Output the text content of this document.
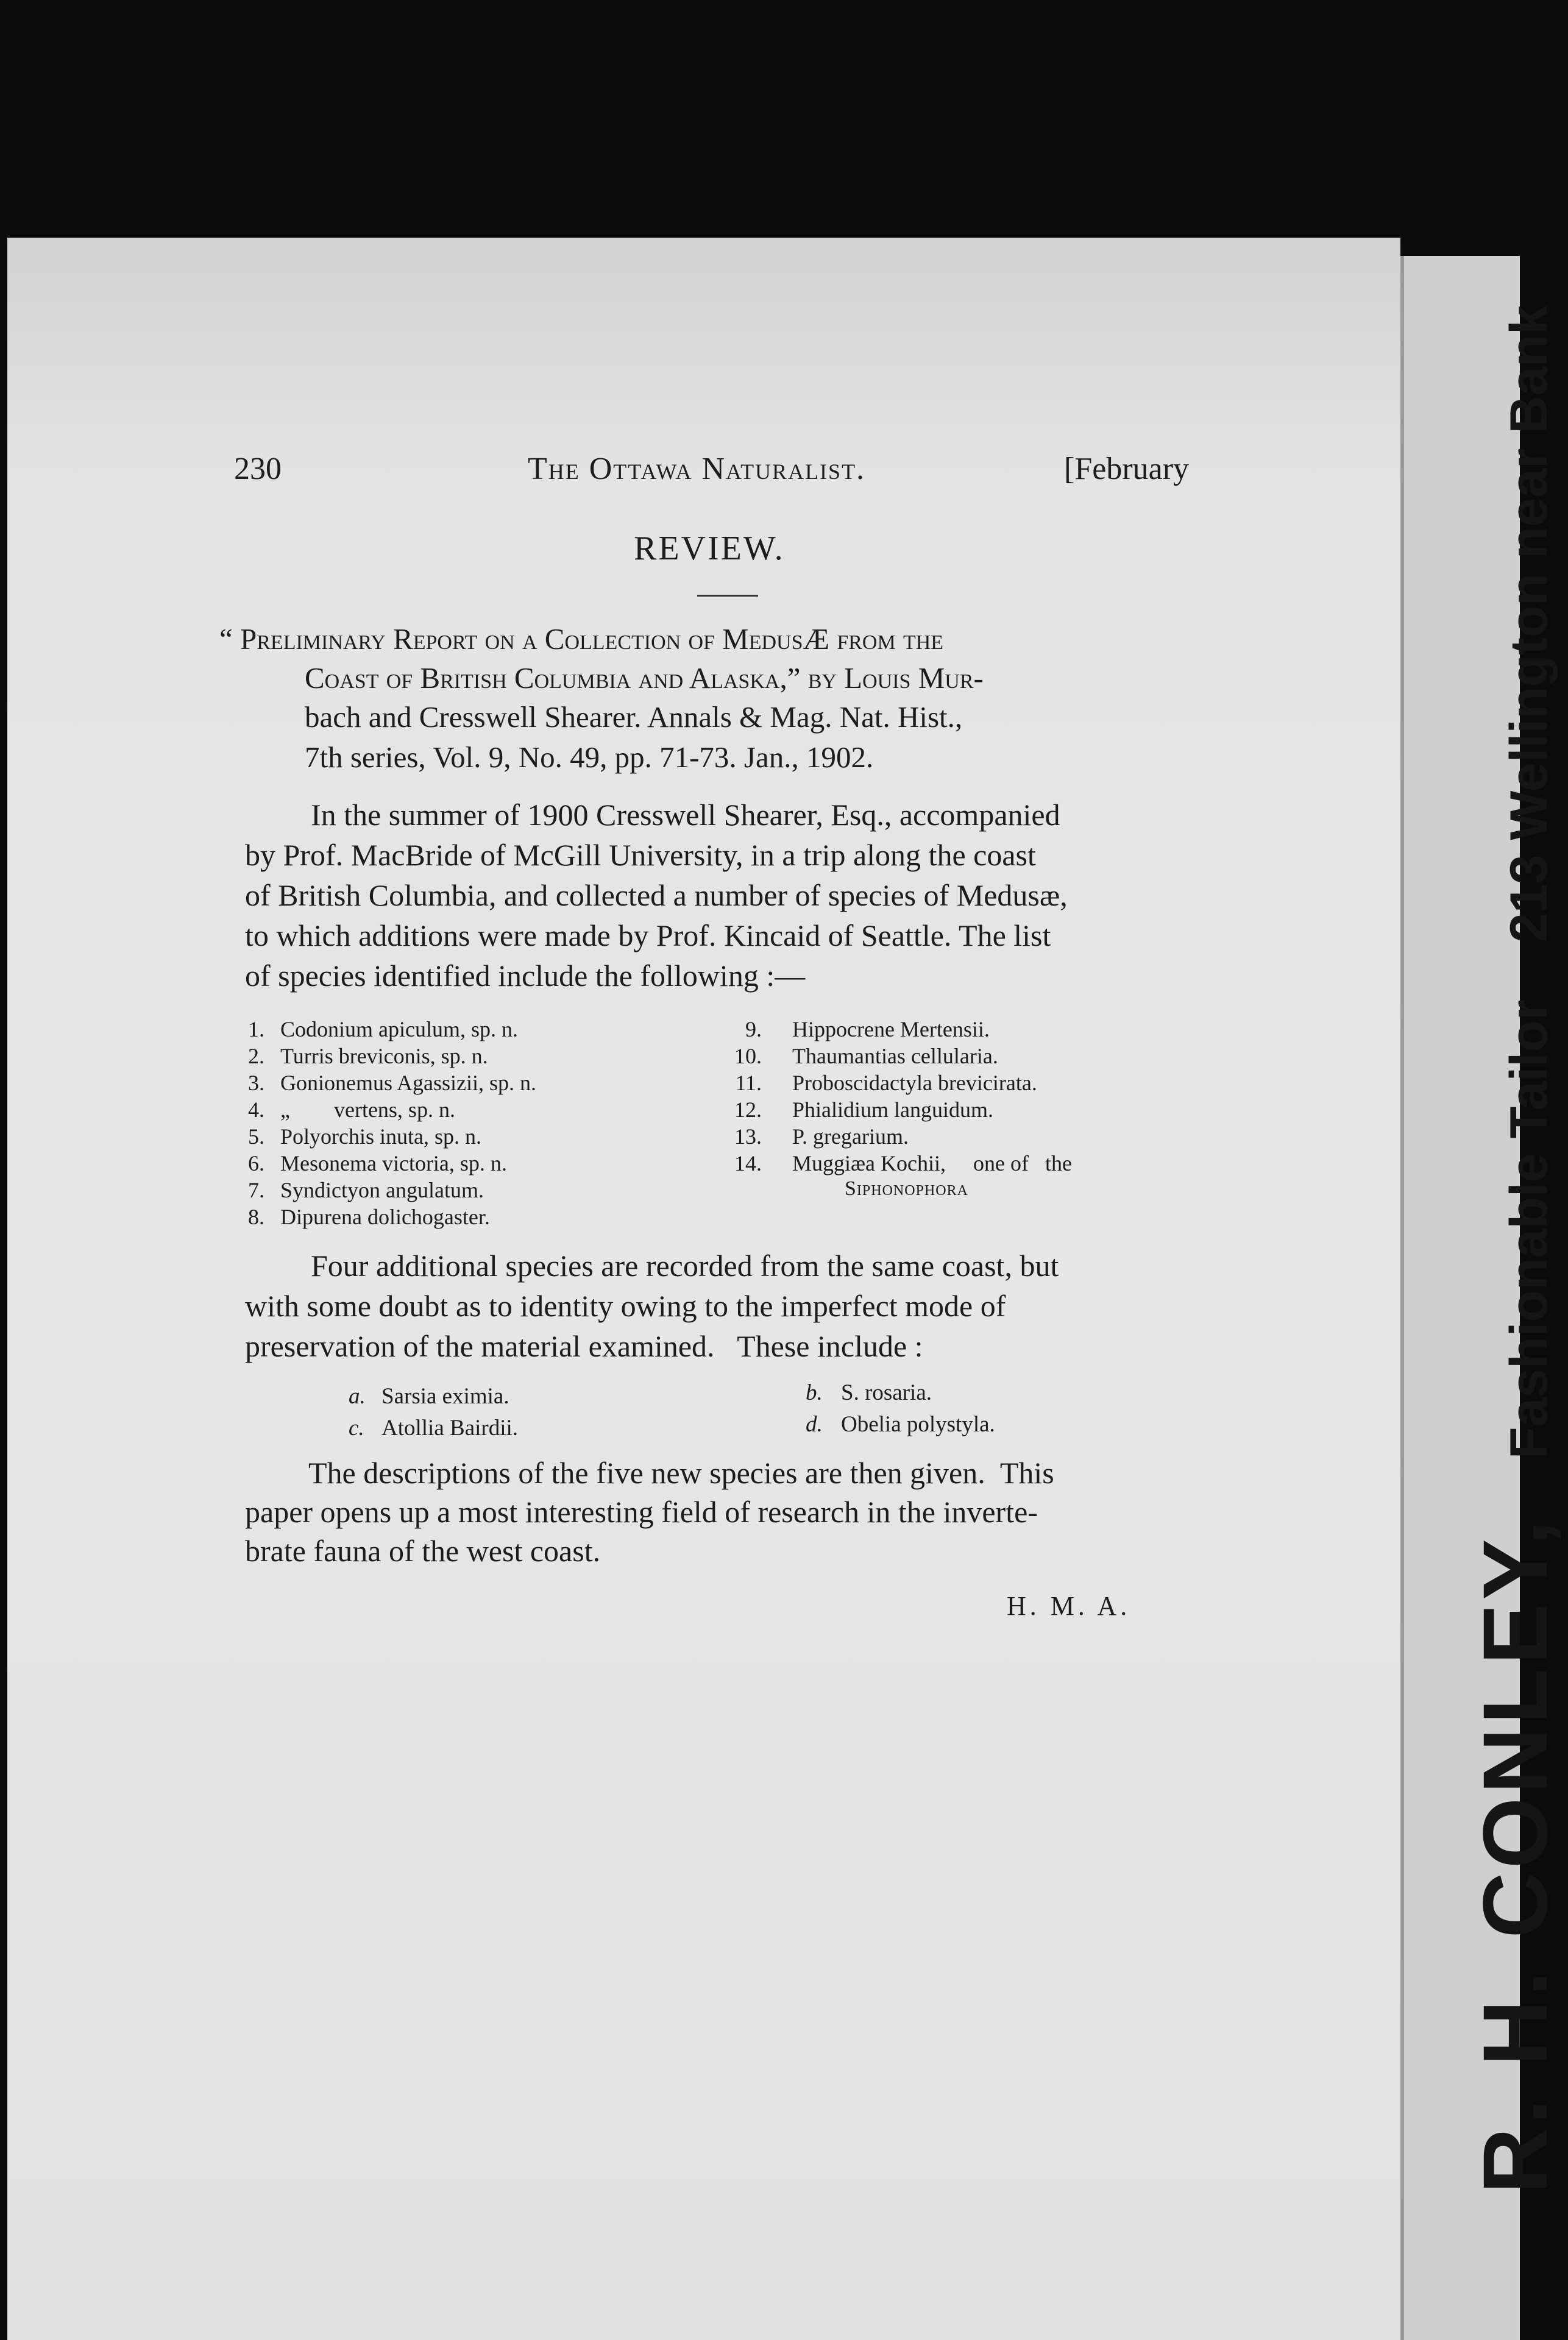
R. H. CONLEY, Fashionable Tailor 213 Wellington near Bank
230	The Ottawa Naturalist.	[February
REVIEW.
“ Preliminary Report on a Collection of MedusÆ from the
Coast of British Columbia and Alaska,” by Louis Mur-
bach and Cresswell Shearer. Annals & Mag. Nat. Hist.,
7th series, Vol. 9, No. 49, pp. 71-73. Jan., 1902.
In the summer of 1900 Cresswell Shearer, Esq., accompanied
by Prof. MacBride of McGill University, in a trip along the coast
of British Columbia, and collected a number of species of Medusæ,
to which additions were made by Prof. Kincaid of Seattle. The list
of species identified include the following :—
1. Codonium apiculum, sp. n.
2. Turris breviconis, sp. n.
3. Gonionemus Agassizii, sp. n.
4. „        vertens, sp. n.
5. Polyorchis inuta, sp. n.
6. Mesonema victoria, sp. n.
7. Syndictyon angulatum.
8. Dipurena dolichogaster.
9. Hippocrene Mertensii.
10. Thaumantias cellularia.
11. Proboscidactyla brevicirata.
12. Phialidium languidum.
13. P. gregarium.
14. Muggiæa Kochii,     one of   the
Siphonophora
Four additional species are recorded from the same coast, but
with some doubt as to identity owing to the imperfect mode of
preservation of the material examined.   These include :
a. Sarsia eximia.	b. S. rosaria.
c. Atollia Bairdii.	d. Obelia polystyla.
The descriptions of the five new species are then given.  This
paper opens up a most interesting field of research in the inverte-
brate fauna of the west coast.
H. M. A.
